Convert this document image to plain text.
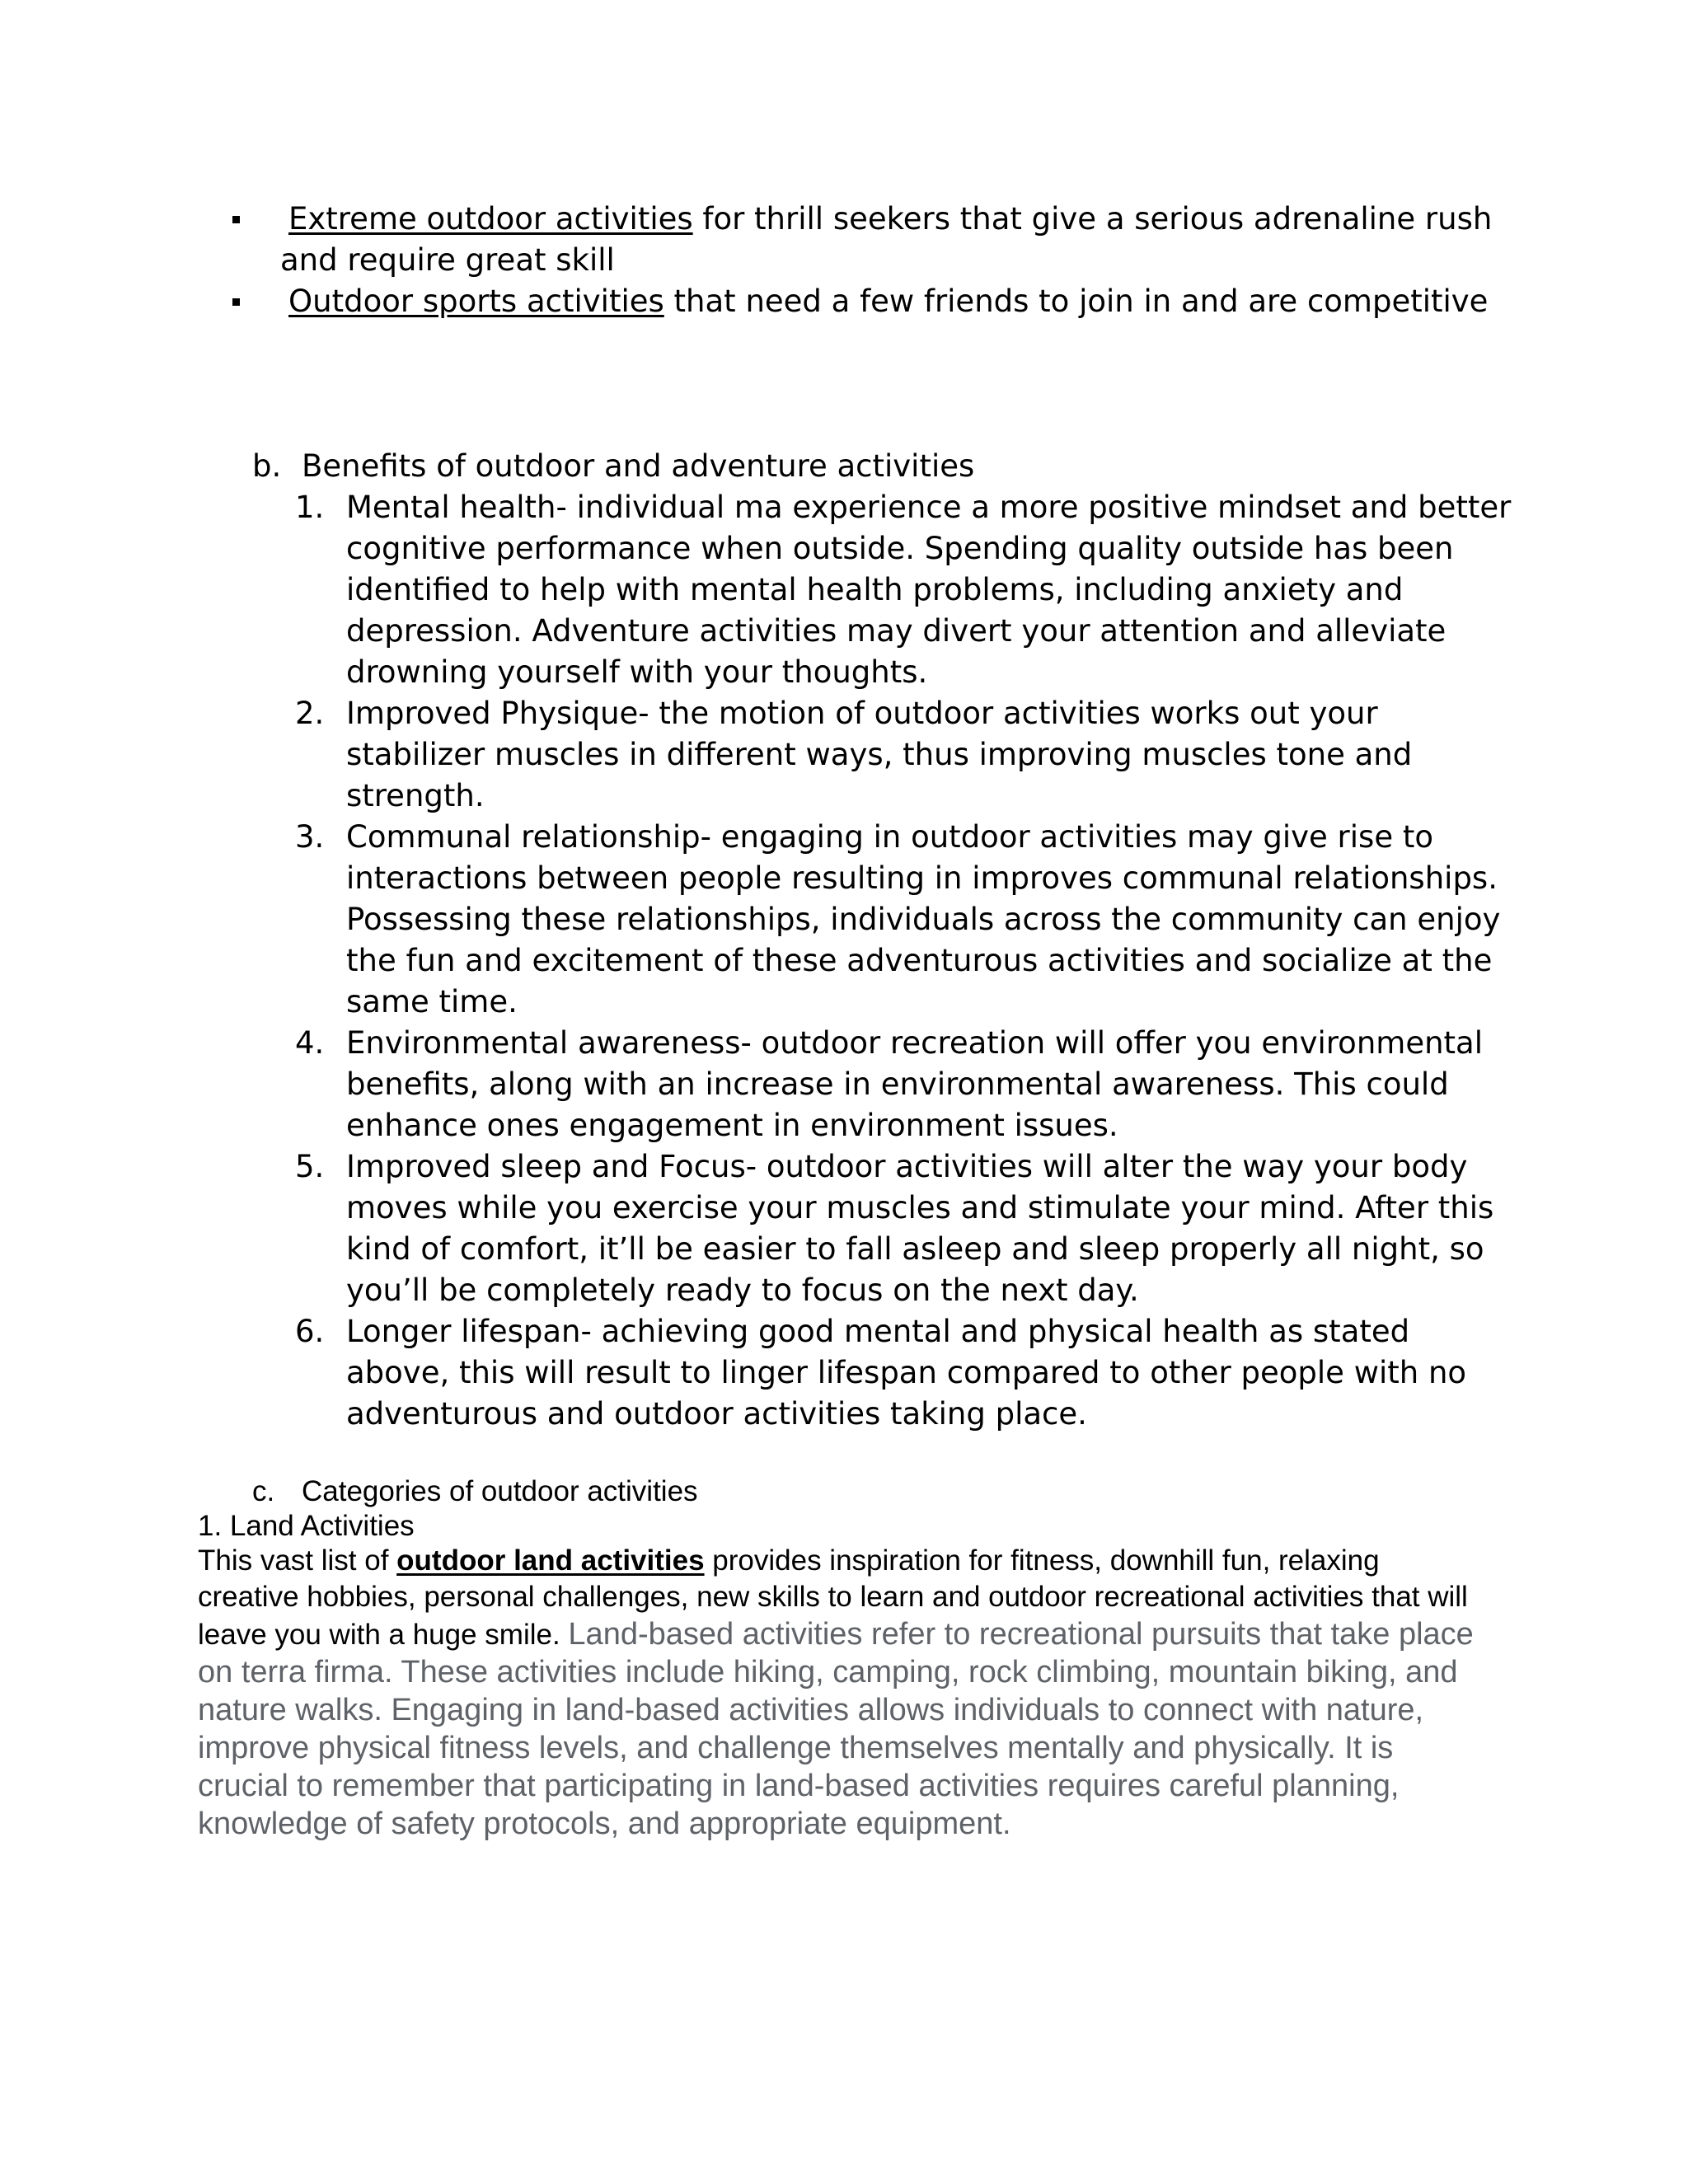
Extreme outdoor activities for thrill seekers that give a serious adrenaline rush and require great skill
Outdoor sports activities that need a few friends to join in and are competitive
b. Benefits of outdoor and adventure activities
1. Mental health- individual ma experience a more positive mindset and better cognitive performance when outside. Spending quality outside has been identified to help with mental health problems, including anxiety and depression. Adventure activities may divert your attention and alleviate drowning yourself with your thoughts.
2. Improved Physique- the motion of outdoor activities works out your stabilizer muscles in different ways, thus improving muscles tone and strength.
3. Communal relationship- engaging in outdoor activities may give rise to interactions between people resulting in improves communal relationships. Possessing these relationships, individuals across the community can enjoy the fun and excitement of these adventurous activities and socialize at the same time.
4. Environmental awareness- outdoor recreation will offer you environmental benefits, along with an increase in environmental awareness. This could enhance ones engagement in environment issues.
5. Improved sleep and Focus- outdoor activities will alter the way your body moves while you exercise your muscles and stimulate your mind. After this kind of comfort, it’ll be easier to fall asleep and sleep properly all night, so you’ll be completely ready to focus on the next day.
6. Longer lifespan- achieving good mental and physical health as stated above, this will result to linger lifespan compared to other people with no adventurous and outdoor activities taking place.
c. Categories of outdoor activities
1. Land Activities
This vast list of outdoor land activities provides inspiration for fitness, downhill fun, relaxing creative hobbies, personal challenges, new skills to learn and outdoor recreational activities that will leave you with a huge smile. Land-based activities refer to recreational pursuits that take place on terra firma. These activities include hiking, camping, rock climbing, mountain biking, and nature walks. Engaging in land-based activities allows individuals to connect with nature, improve physical fitness levels, and challenge themselves mentally and physically. It is crucial to remember that participating in land-based activities requires careful planning, knowledge of safety protocols, and appropriate equipment.
